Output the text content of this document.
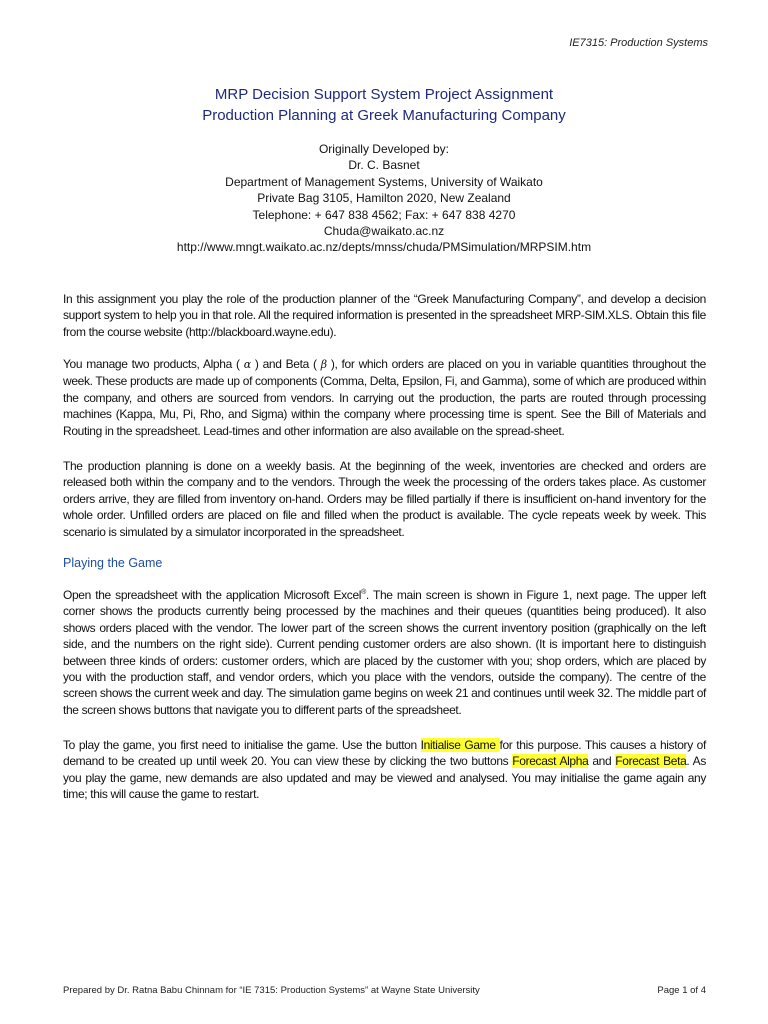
IE7315: Production Systems
MRP Decision Support System Project Assignment
Production Planning at Greek Manufacturing Company
Originally Developed by:
Dr. C. Basnet
Department of Management Systems, University of Waikato
Private Bag 3105, Hamilton 2020, New Zealand
Telephone: + 647 838 4562; Fax: + 647 838 4270
Chuda@waikato.ac.nz
http://www.mngt.waikato.ac.nz/depts/mnss/chuda/PMSimulation/MRPSIM.htm
In this assignment you play the role of the production planner of the “Greek Manufacturing Company”, and develop a decision support system to help you in that role. All the required information is presented in the spreadsheet MRP-SIM.XLS. Obtain this file from the course website (http://blackboard.wayne.edu).
You manage two products, Alpha ( α ) and Beta ( β ), for which orders are placed on you in variable quantities throughout the week. These products are made up of components (Comma, Delta, Epsilon, Fi, and Gamma), some of which are produced within the company, and others are sourced from vendors. In carrying out the production, the parts are routed through processing machines (Kappa, Mu, Pi, Rho, and Sigma) within the company where processing time is spent. See the Bill of Materials and Routing in the spreadsheet. Lead-times and other information are also available on the spread-sheet.
The production planning is done on a weekly basis. At the beginning of the week, inventories are checked and orders are released both within the company and to the vendors. Through the week the processing of the orders takes place. As customer orders arrive, they are filled from inventory on-hand. Orders may be filled partially if there is insufficient on-hand inventory for the whole order. Unfilled orders are placed on file and filled when the product is available. The cycle repeats week by week. This scenario is simulated by a simulator incorporated in the spreadsheet.
Playing the Game
Open the spreadsheet with the application Microsoft Excel®. The main screen is shown in Figure 1, next page. The upper left corner shows the products currently being processed by the machines and their queues (quantities being produced). It also shows orders placed with the vendor. The lower part of the screen shows the current inventory position (graphically on the left side, and the numbers on the right side). Current pending customer orders are also shown. (It is important here to distinguish between three kinds of orders: customer orders, which are placed by the customer with you; shop orders, which are placed by you with the production staff, and vendor orders, which you place with the vendors, outside the company). The centre of the screen shows the current week and day. The simulation game begins on week 21 and continues until week 32. The middle part of the screen shows buttons that navigate you to different parts of the spreadsheet.
To play the game, you first need to initialise the game. Use the button Initialise Game for this purpose. This causes a history of demand to be created up until week 20. You can view these by clicking the two buttons Forecast Alpha and Forecast Beta. As you play the game, new demands are also updated and may be viewed and analysed. You may initialise the game again any time; this will cause the game to restart.
Prepared by Dr. Ratna Babu Chinnam for “IE 7315: Production Systems” at Wayne State University	Page 1 of 4
